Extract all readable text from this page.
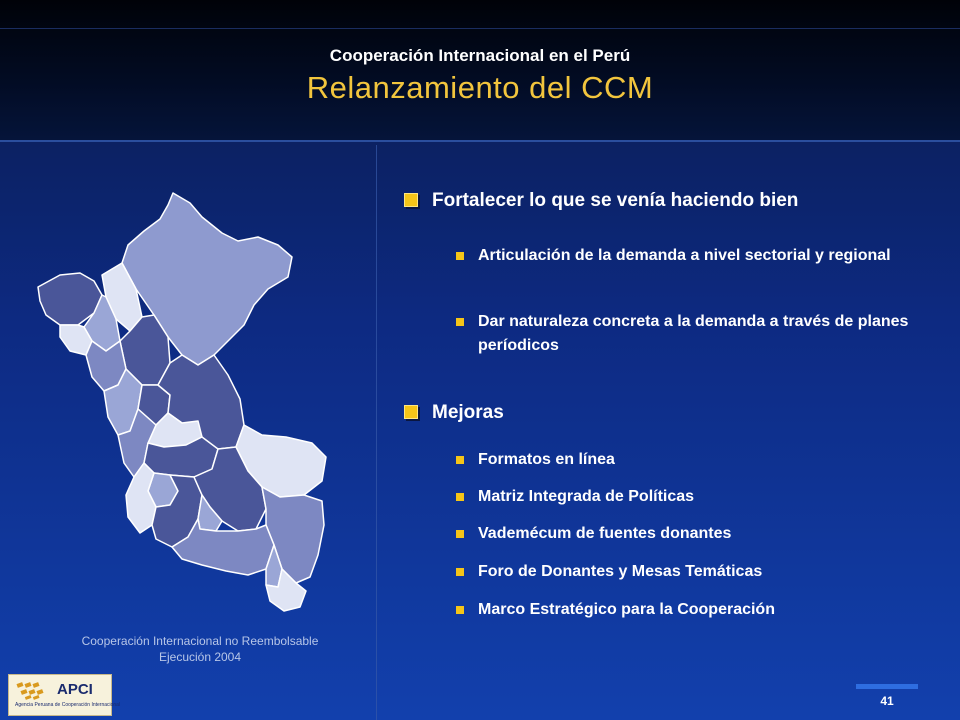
Cooperación Internacional en el Perú
Relanzamiento del CCM
Cooperación Internacional no Reembolsable
Ejecución 2004
APCI
Agencia Peruana de Cooperación Internacional
Fortalecer lo que se venía haciendo bien
Articulación de la demanda a nivel sectorial y regional
Dar naturaleza concreta a la demanda a través de planes períodicos
Mejoras
Formatos en línea
Matriz Integrada de Políticas
Vademécum de fuentes donantes
Foro de Donantes y Mesas Temáticas
Marco Estratégico para la Cooperación
41
